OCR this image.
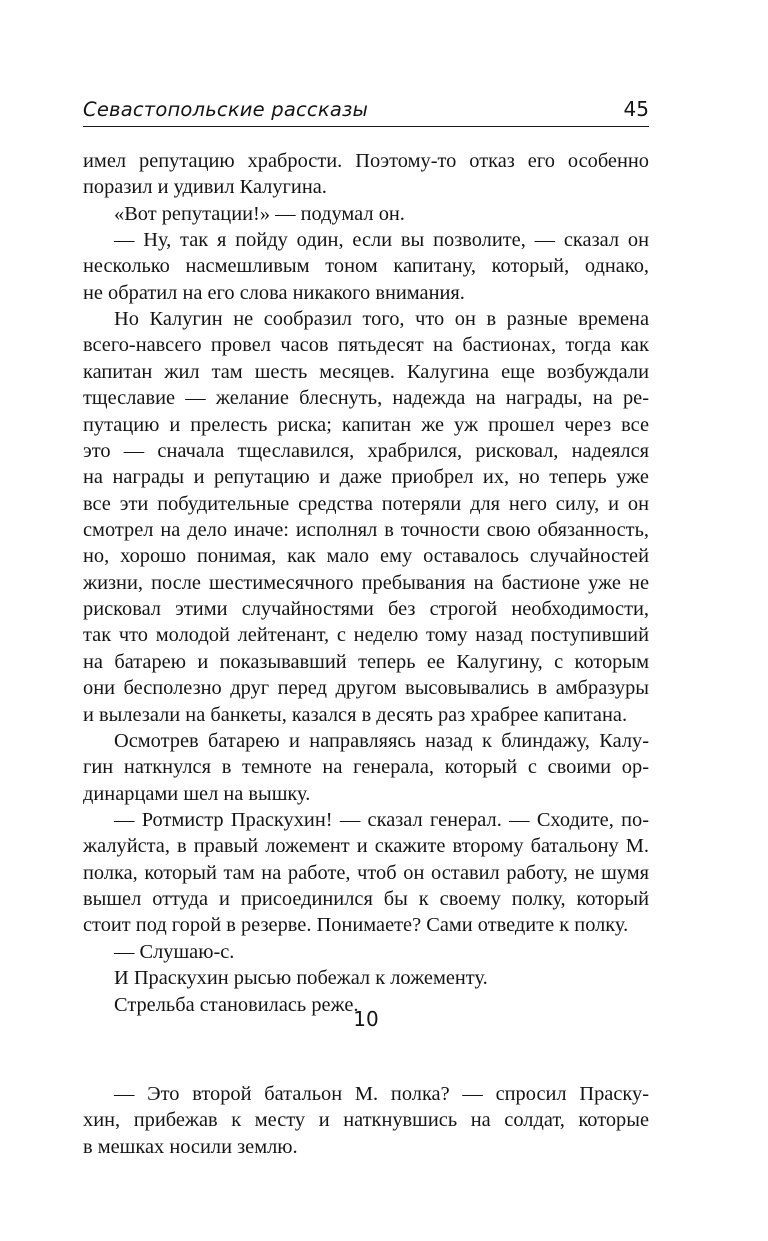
Севастопольские рассказы	45
имел репутацию храбрости. Поэтому-то отказ его особенно
поразил и удивил Калугина.
«Вот репутации!» — подумал он.
— Ну, так я пойду один, если вы позволите, — сказал он
несколько насмешливым тоном капитану, который, однако,
не обратил на его слова никакого внимания.
Но Калугин не сообразил того, что он в разные времена
всего-навсего провел часов пятьдесят на бастионах, тогда как
капитан жил там шесть месяцев. Калугина еще возбуждали
тщеславие — желание блеснуть, надежда на награды, на ре-
путацию и прелесть риска; капитан же уж прошел через все
это — сначала тщеславился, храбрился, рисковал, надеялся
на награды и репутацию и даже приобрел их, но теперь уже
все эти побудительные средства потеряли для него силу, и он
смотрел на дело иначе: исполнял в точности свою обязанность,
но, хорошо понимая, как мало ему оставалось случайностей
жизни, после шестимесячного пребывания на бастионе уже не
рисковал этими случайностями без строгой необходимости,
так что молодой лейтенант, с неделю тому назад поступивший
на батарею и показывавший теперь ее Калугину, с которым
они бесполезно друг перед другом высовывались в амбразуры
и вылезали на банкеты, казался в десять раз храбрее капитана.
Осмотрев батарею и направляясь назад к блиндажу, Калу-
гин наткнулся в темноте на генерала, который с своими ор-
динарцами шел на вышку.
— Ротмистр Праскухин! — сказал генерал. — Сходите, по-
жалуйста, в правый ложемент и скажите второму батальону М.
полка, который там на работе, чтоб он оставил работу, не шумя
вышел оттуда и присоединился бы к своему полку, который
стоит под горой в резерве. Понимаете? Сами отведите к полку.
— Слушаю-с.
И Праскухин рысью побежал к ложементу.
Стрельба становилась реже.
10
— Это второй батальон М. полка? — спросил Праску-
хин, прибежав к месту и наткнувшись на солдат, которые
в мешках носили землю.
